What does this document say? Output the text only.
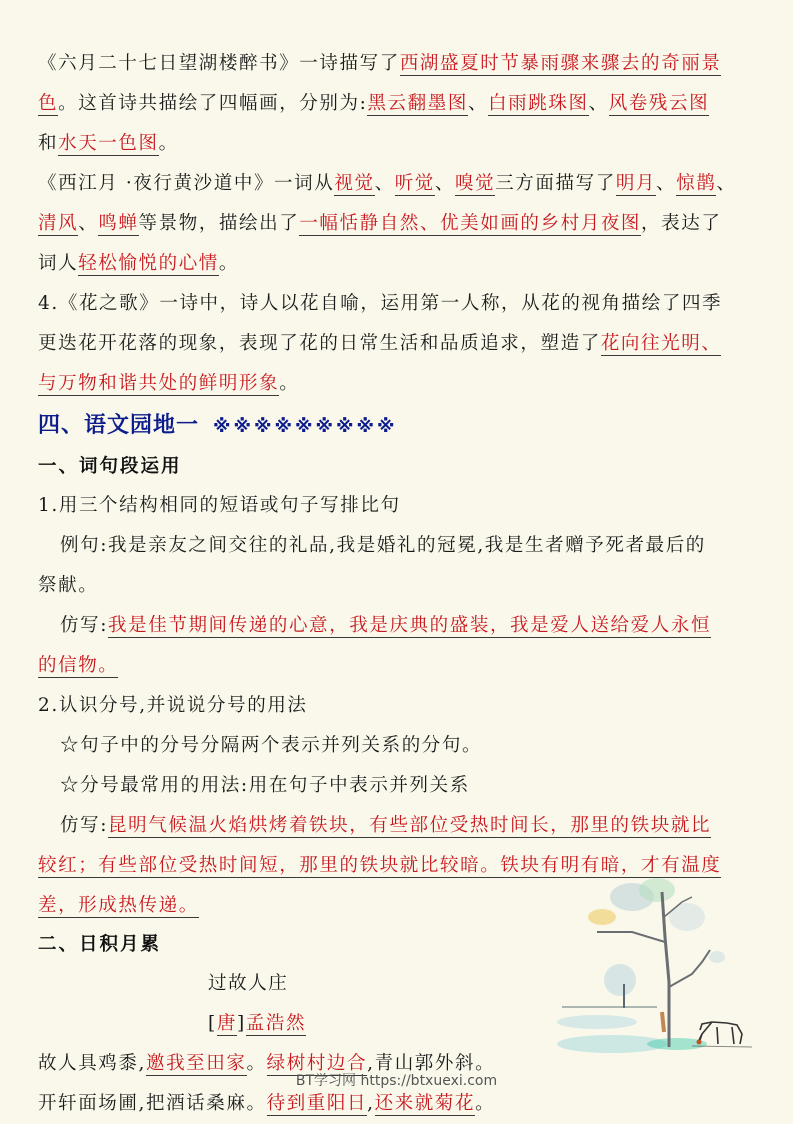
《六月二十七日望湖楼醉书》一诗描写了西湖盛夏时节暴雨骤来骤去的奇丽景
色。这首诗共描绘了四幅画，分别为:黑云翻墨图、白雨跳珠图、风卷残云图
和水天一色图。
《西江月 ·夜行黄沙道中》一词从视觉、听觉、嗅觉三方面描写了明月、惊鹊、
清风、鸣蝉等景物，描绘出了一幅恬静自然、优美如画的乡村月夜图，表达了
词人轻松愉悦的心情。
4.《花之歌》一诗中，诗人以花自喻，运用第一人称，从花的视角描绘了四季
更迭花开花落的现象，表现了花的日常生活和品质追求，塑造了花向往光明、
与万物和谐共处的鲜明形象。
四、语文园地一 ※※※※※※※※※
一、词句段运用
1.用三个结构相同的短语或句子写排比句
例句:我是亲友之间交往的礼品,我是婚礼的冠冕,我是生者赠予死者最后的
祭献。
仿写:我是佳节期间传递的心意，我是庆典的盛装，我是爱人送给爱人永恒
的信物。
2.认识分号,并说说分号的用法
☆句子中的分号分隔两个表示并列关系的分句。
☆分号最常用的用法:用在句子中表示并列关系
仿写:昆明气候温火焰烘烤着铁块，有些部位受热时间长，那里的铁块就比
较红；有些部位受热时间短，那里的铁块就比较暗。铁块有明有暗，才有温度
差，形成热传递。
二、日积月累
过故人庄
[唐]孟浩然
故人具鸡黍,邀我至田家。绿树村边合,青山郭外斜。
开轩面场圃,把酒话桑麻。待到重阳日,还来就菊花。
BT学习网 https://btxuexi.com
